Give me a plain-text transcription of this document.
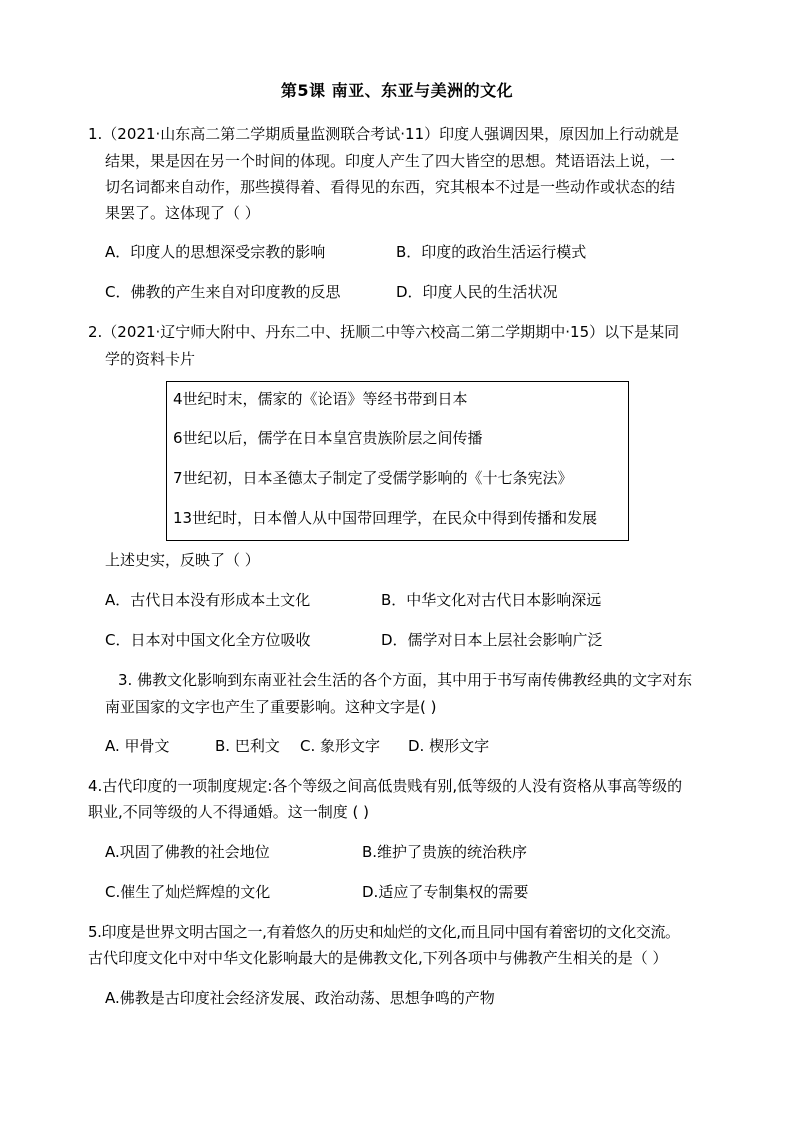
第5课 南亚、东亚与美洲的文化
1.（2021·山东高二第二学期质量监测联合考试·11）印度人强调因果，原因加上行动就是
结果，果是因在另一个时间的体现。印度人产生了四大皆空的思想。梵语语法上说，一
切名词都来自动作，那些摸得着、看得见的东西，究其根本不过是一些动作或状态的结
果罢了。这体现了（ ）
A．印度人的思想深受宗教的影响	B．印度的政治生活运行模式
C．佛教的产生来自对印度教的反思	D．印度人民的生活状况
2.（2021·辽宁师大附中、丹东二中、抚顺二中等六校高二第二学期期中·15）以下是某同
学的资料卡片
4世纪时末，儒家的《论语》等经书带到日本
6世纪以后，儒学在日本皇宫贵族阶层之间传播
7世纪初，日本圣德太子制定了受儒学影响的《十七条宪法》
13世纪时，日本僧人从中国带回理学，在民众中得到传播和发展
上述史实，反映了（ ）
A．古代日本没有形成本土文化	B．中华文化对古代日本影响深远
C．日本对中国文化全方位吸收	D．儒学对日本上层社会影响广泛
3. 佛教文化影响到东南亚社会生活的各个方面，其中用于书写南传佛教经典的文字对东
南亚国家的文字也产生了重要影响。这种文字是( )
A. 甲骨文	B. 巴利文 C. 象形文字 D. 楔形文字
4.古代印度的一项制度规定:各个等级之间高低贵贱有别,低等级的人没有资格从事高等级的
职业,不同等级的人不得通婚。这一制度 ( )
A.巩固了佛教的社会地位	B.维护了贵族的统治秩序
C.催生了灿烂辉煌的文化	D.适应了专制集权的需要
5.印度是世界文明古国之一,有着悠久的历史和灿烂的文化,而且同中国有着密切的文化交流。
古代印度文化中对中华文化影响最大的是佛教文化,下列各项中与佛教产生相关的是（ ）
A.佛教是古印度社会经济发展、政治动荡、思想争鸣的产物
